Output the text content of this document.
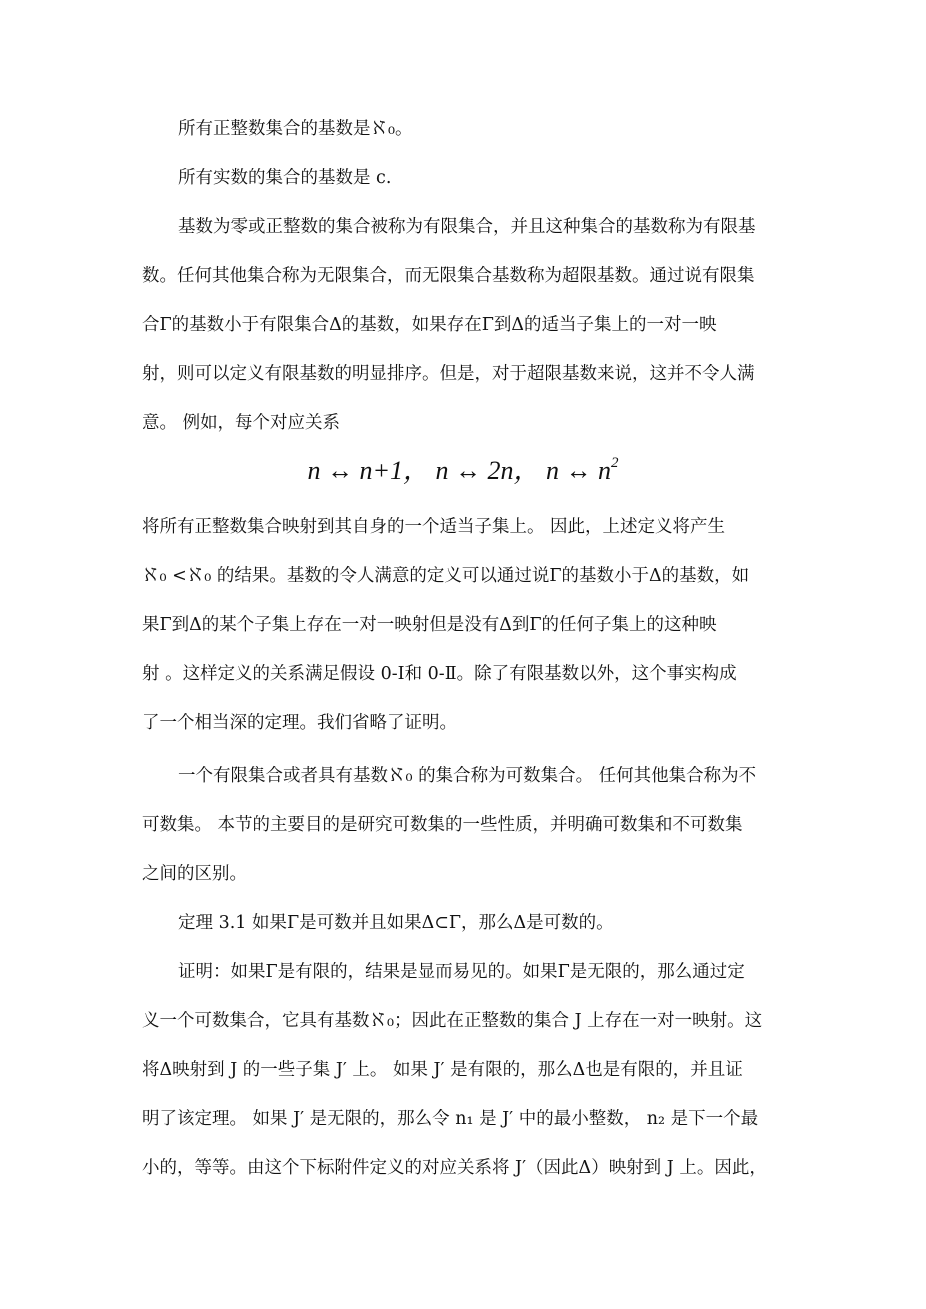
所有正整数集合的基数是ℵ₀。
所有实数的集合的基数是 c.
基数为零或正整数的集合被称为有限集合，并且这种集合的基数称为有限基
数。任何其他集合称为无限集合，而无限集合基数称为超限基数。通过说有限集
合Γ的基数小于有限集合Δ的基数，如果存在Γ到Δ的适当子集上的一对一映
射，则可以定义有限基数的明显排序。但是，对于超限基数来说，这并不令人满
意。 例如，每个对应关系
n ↔ n+1， n ↔ 2n， n ↔ $n^2$
将所有正整数集合映射到其自身的一个适当子集上。 因此，上述定义将产生
ℵ₀ <ℵ₀ 的结果。基数的令人满意的定义可以通过说Γ的基数小于Δ的基数，如
果Γ到Δ的某个子集上存在一对一映射但是没有Δ到Γ的任何子集上的这种映
射 。这样定义的关系满足假设 0-Ⅰ和 0-Ⅱ。除了有限基数以外，这个事实构成
了一个相当深的定理。我们省略了证明。
一个有限集合或者具有基数ℵ₀ 的集合称为可数集合。 任何其他集合称为不
可数集。 本节的主要目的是研究可数集的一些性质，并明确可数集和不可数集
之间的区别。
定理 3.1 如果Γ是可数并且如果Δ⊂Γ，那么Δ是可数的。
证明：如果Γ是有限的，结果是显而易见的。如果Γ是无限的，那么通过定
义一个可数集合，它具有基数ℵ₀；因此在正整数的集合 J 上存在一对一映射。这
将Δ映射到 J 的一些子集 J′ 上。 如果 J′ 是有限的，那么Δ也是有限的，并且证
明了该定理。 如果 J′ 是无限的，那么令 n₁ 是 J′ 中的最小整数， n₂ 是下一个最
小的，等等。由这个下标附件定义的对应关系将 J′（因此Δ）映射到 J 上。因此，
